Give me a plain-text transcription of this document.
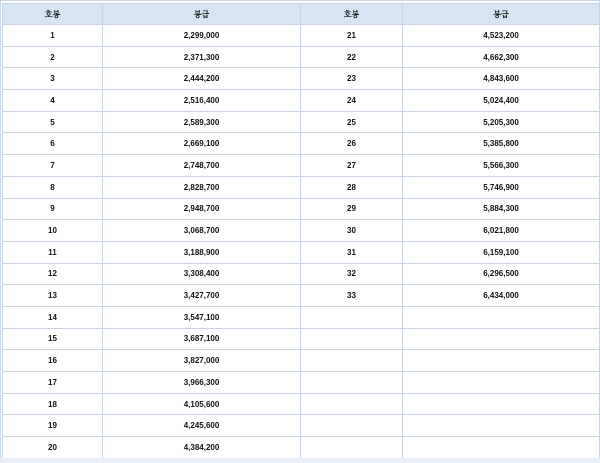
호봉	봉급	호봉	봉급
1	2,299,000	21	4,523,200
2	2,371,300	22	4,662,300
3	2,444,200	23	4,843,600
4	2,516,400	24	5,024,400
5	2,589,300	25	5,205,300
6	2,669,100	26	5,385,800
7	2,748,700	27	5,566,300
8	2,828,700	28	5,746,900
9	2,948,700	29	5,884,300
10	3,068,700	30	6,021,800
11	3,188,900	31	6,159,100
12	3,308,400	32	6,296,500
13	3,427,700	33	6,434,000
14	3,547,100		
15	3,687,100		
16	3,827,000		
17	3,966,300		
18	4,105,600		
19	4,245,600		
20	4,384,200		
